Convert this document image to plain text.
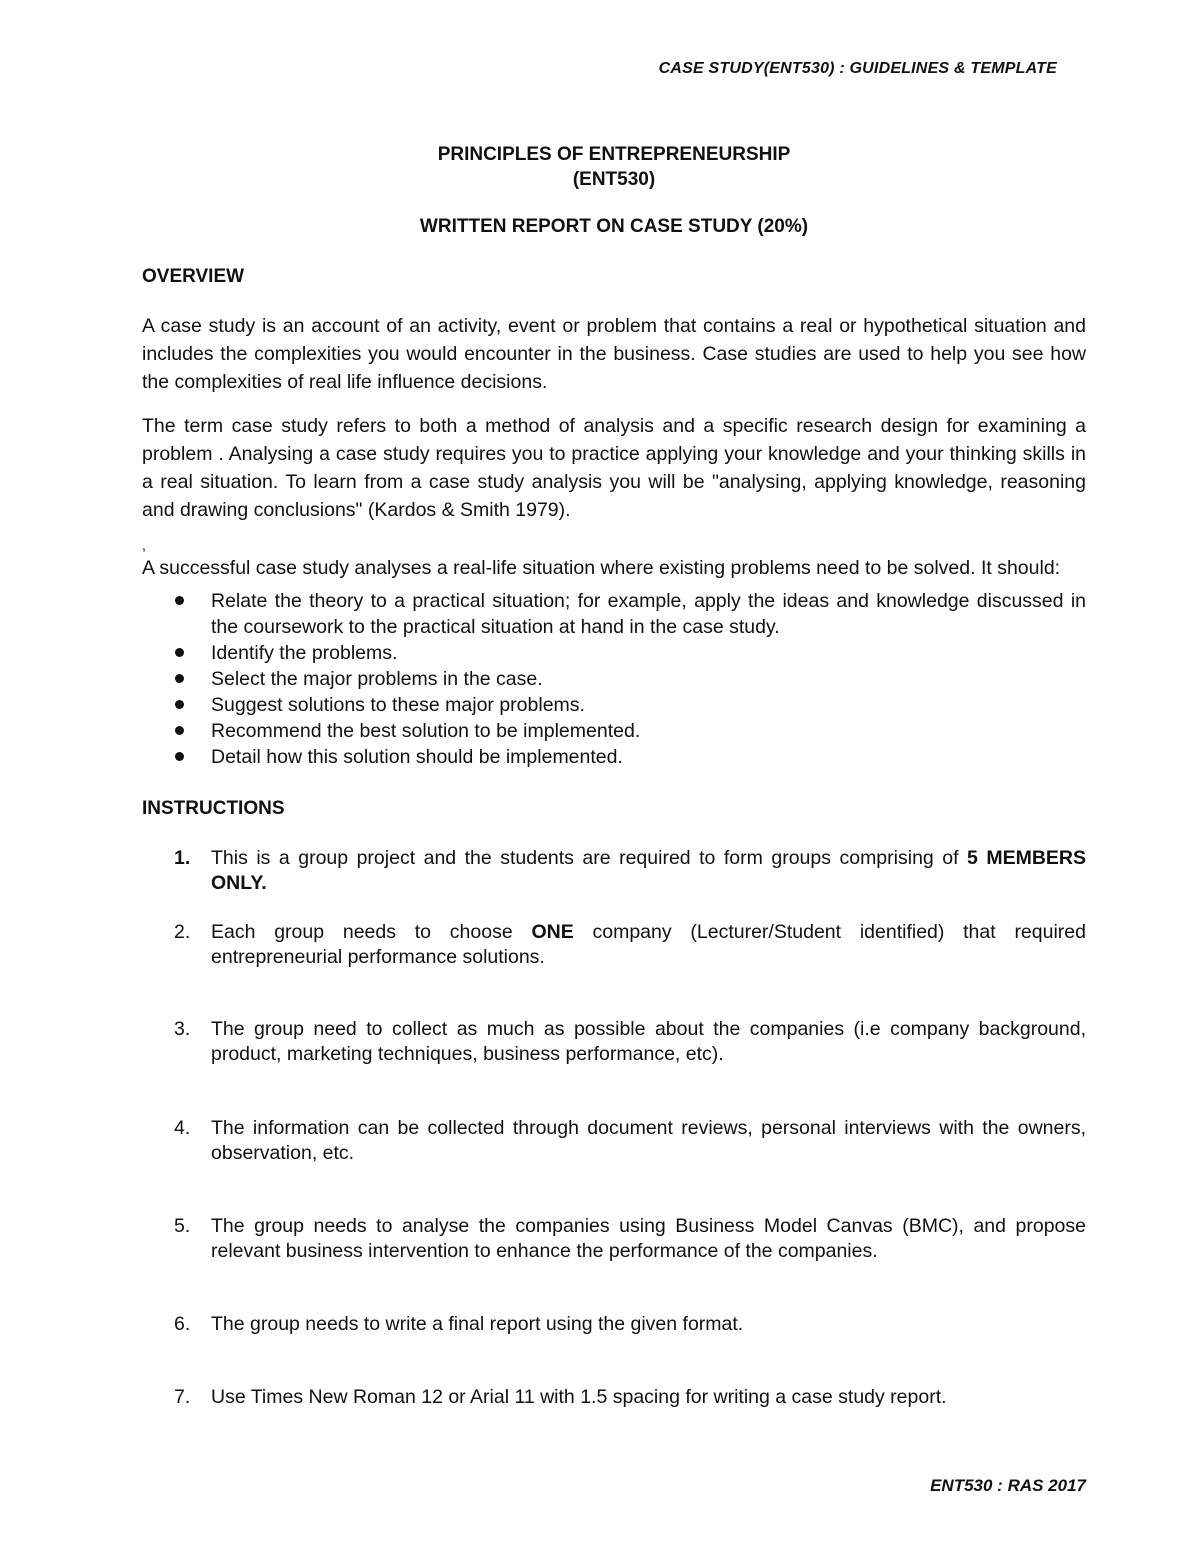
CASE STUDY(ENT530) : GUIDELINES & TEMPLATE
PRINCIPLES OF ENTREPRENEURSHIP
(ENT530)
WRITTEN REPORT ON CASE STUDY (20%)
OVERVIEW

A case study is an account of an activity, event or problem that contains a real or hypothetical situation and includes the complexities you would encounter in the business. Case studies are used to help you see how the complexities of real life influence decisions.

The term case study refers to both a method of analysis and a specific research design for examining a problem . Analysing a case study requires you to practice applying your knowledge and your thinking skills in a real situation. To learn from a case study analysis you will be "analysing, applying knowledge, reasoning and drawing conclusions" (Kardos & Smith 1979).

,

A successful case study analyses a real-life situation where existing problems need to be solved. It should:

Relate the theory to a practical situation; for example, apply the ideas and knowledge discussed in the coursework to the practical situation at hand in the case study.
Identify the problems.
Select the major problems in the case.
Suggest solutions to these major problems.
Recommend the best solution to be implemented.
Detail how this solution should be implemented.
INSTRUCTIONS
1. This is a group project and the students are required to form groups comprising of 5 MEMBERS ONLY.
2. Each group needs to choose ONE company (Lecturer/Student identified) that required entrepreneurial performance solutions.
3. The group need to collect as much as possible about the companies (i.e company background, product, marketing techniques, business performance, etc).
4. The information can be collected through document reviews, personal interviews with the owners, observation, etc.
5. The group needs to analyse the companies using Business Model Canvas (BMC), and propose relevant business intervention to enhance the performance of the companies.
6. The group needs to write a final report using the given format.
7. Use Times New Roman 12 or Arial 11 with 1.5 spacing for writing a case study report.
ENT530 : RAS 2017
